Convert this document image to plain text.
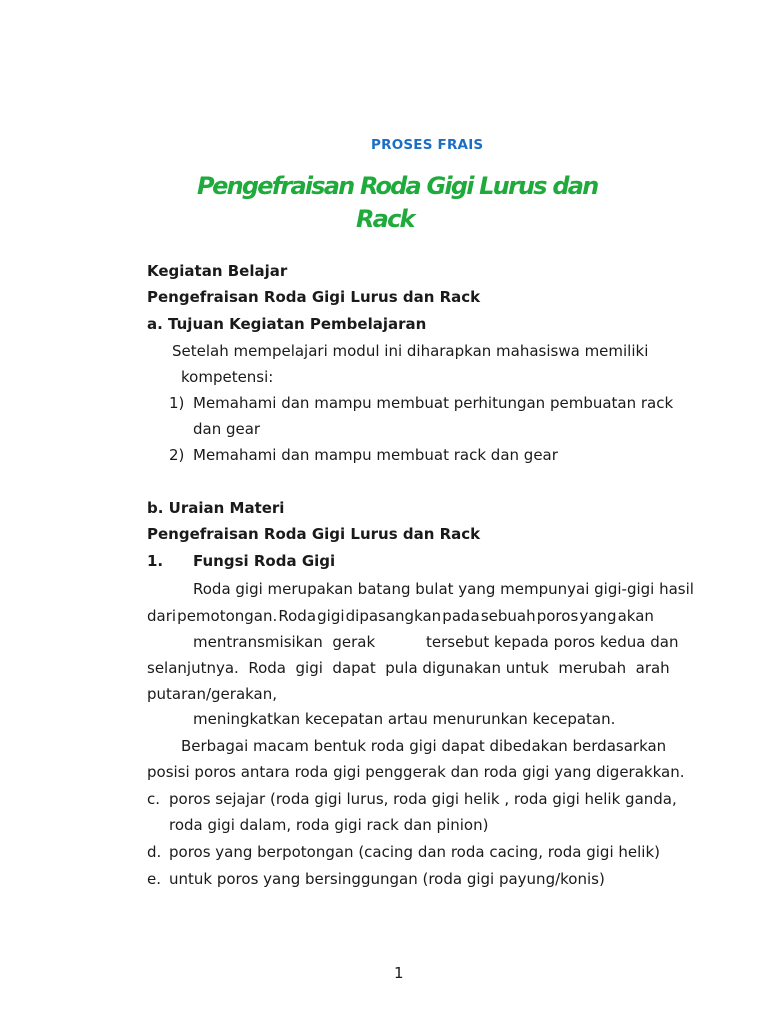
PROSES FRAIS
Pengefraisan Roda Gigi Lurus dan
Rack
Kegiatan Belajar
Pengefraisan Roda Gigi Lurus dan Rack
a. Tujuan Kegiatan Pembelajaran
Setelah mempelajari modul ini diharapkan mahasiswa memiliki
kompetensi:
1) Memahami dan mampu membuat perhitungan pembuatan rack
dan gear
2) Memahami dan mampu membuat rack dan gear
b. Uraian Materi
Pengefraisan Roda Gigi Lurus dan Rack
1. Fungsi Roda Gigi
Roda gigi merupakan batang bulat yang mempunyai gigi-gigi hasil
dari pemotongan. Roda gigi dipasangkan pada sebuah poros yang akan
mentransmisikan  gerak	tersebut kepada poros kedua dan
selanjutnya.  Roda  gigi  dapat  pula digunakan untuk  merubah  arah
putaran/gerakan,
meningkatkan kecepatan artau menurunkan kecepatan.
Berbagai macam bentuk roda gigi dapat dibedakan berdasarkan
posisi poros antara roda gigi penggerak dan roda gigi yang digerakkan.
c. poros sejajar (roda gigi lurus, roda gigi helik , roda gigi helik ganda,
roda gigi dalam, roda gigi rack dan pinion)
d. poros yang berpotongan (cacing dan roda cacing, roda gigi helik)
e. untuk poros yang bersinggungan (roda gigi payung/konis)
1
